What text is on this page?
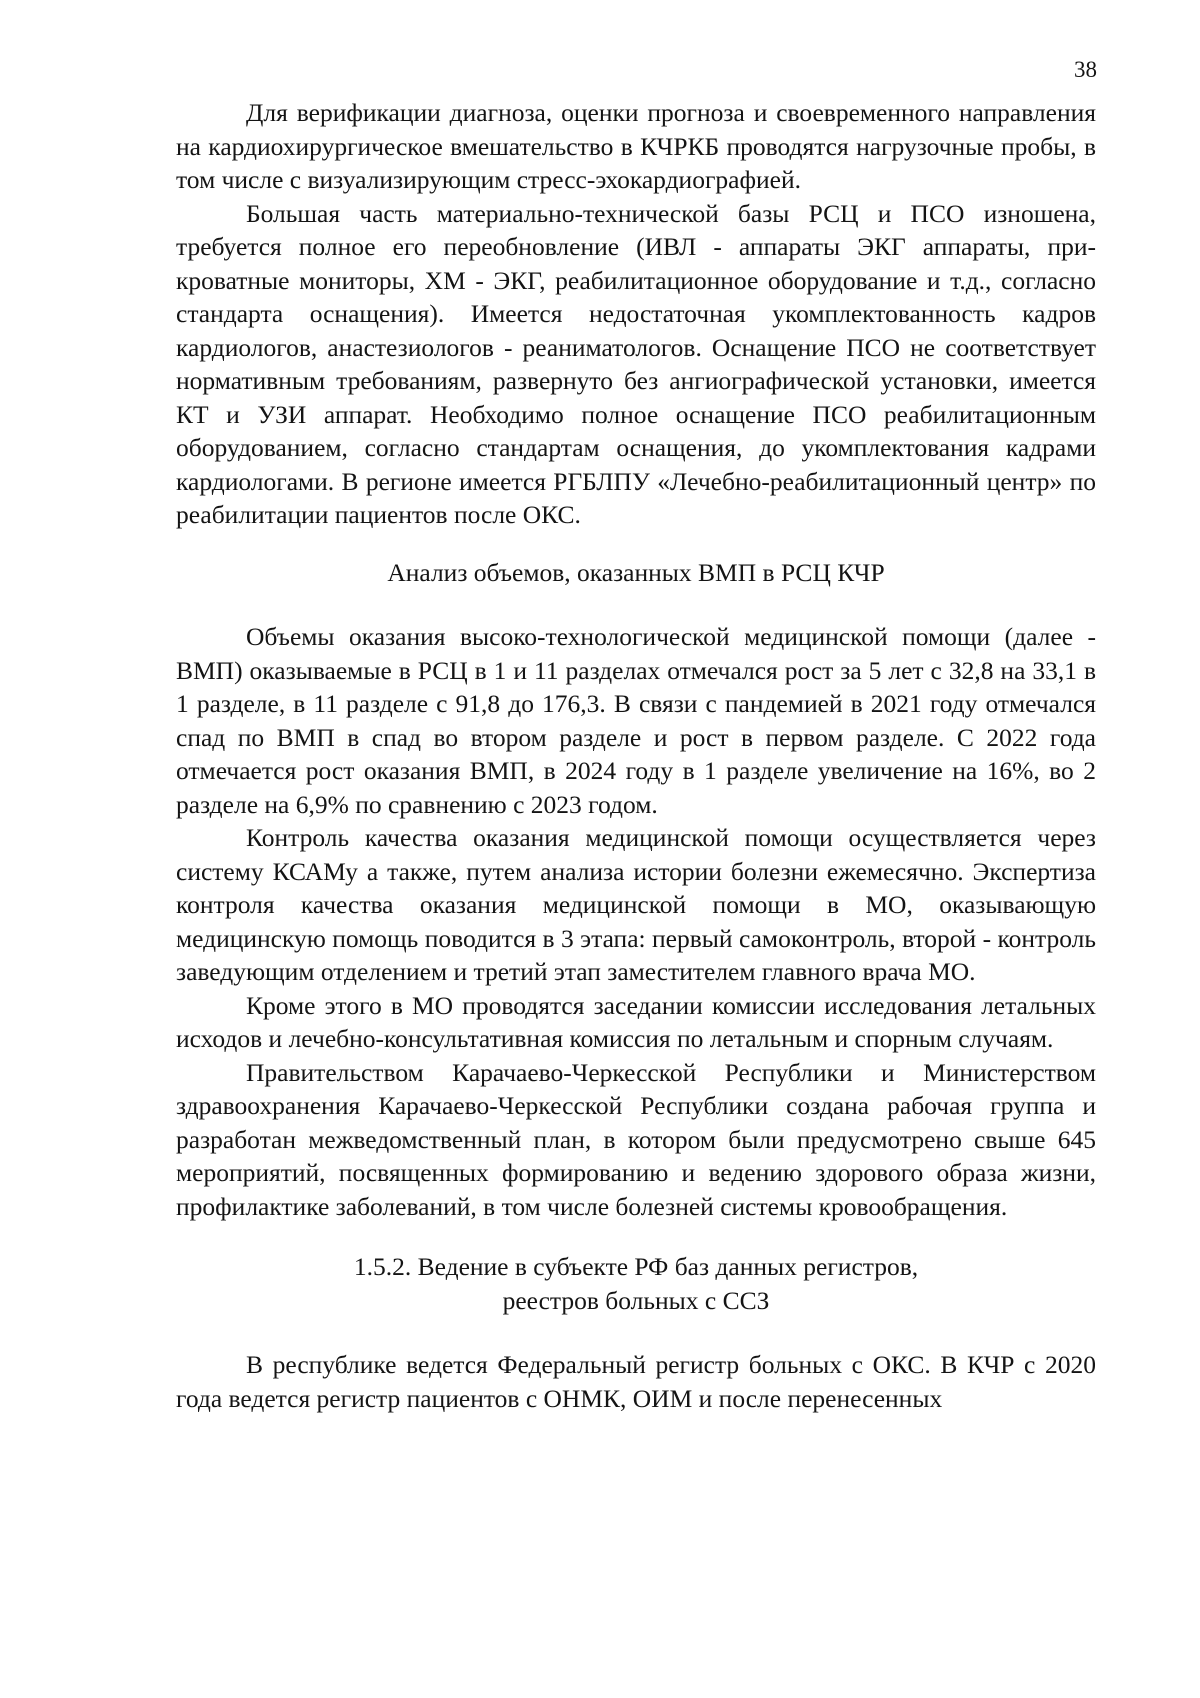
38

Для верификации диагноза, оценки прогноза и своевременного направления на кардиохирургическое вмешательство в КЧРКБ проводятся нагрузочные пробы, в том числе с визуализирующим стресс-эхокардиографией.

Большая часть материально-технической базы РСЦ и ПСО изношена, требуется полное его переобновление (ИВЛ - аппараты ЭКГ аппараты, прикроватные мониторы, ХМ - ЭКГ, реабилитационное оборудование и т.д., согласно стандарта оснащения). Имеется недостаточная укомплектованность кадров кардиологов, анастезиологов - реаниматологов. Оснащение ПСО не соответствует нормативным требованиям, развернуто без ангиографической установки, имеется КТ и УЗИ аппарат. Необходимо полное оснащение ПСО реабилитационным оборудованием, согласно стандартам оснащения, до укомплектования кадрами кардиологами. В регионе имеется РГБЛПУ «Лечебно-реабилитационный центр» по реабилитации пациентов после ОКС.

Анализ объемов, оказанных ВМП в РСЦ КЧР

Объемы оказания высоко-технологической медицинской помощи (далее - ВМП) оказываемые в РСЦ в 1 и 11 разделах отмечался рост за 5 лет с 32,8 на 33,1 в 1 разделе, в 11 разделе с 91,8 до 176,3. В связи с пандемией в 2021 году отмечался спад по ВМП в спад во втором разделе и рост в первом разделе. С 2022 года отмечается рост оказания ВМП, в 2024 году в 1 разделе увеличение на 16%, во 2 разделе на 6,9% по сравнению с 2023 годом.

Контроль качества оказания медицинской помощи осуществляется через систему КСАМу а также, путем анализа истории болезни ежемесячно. Экспертиза контроля качества оказания медицинской помощи в МО, оказывающую медицинскую помощь поводится в 3 этапа: первый самоконтроль, второй - контроль заведующим отделением и третий этап заместителем главного врача МО.

Кроме этого в МО проводятся заседании комиссии исследования летальных исходов и лечебно-консультативная комиссия по летальным и спорным случаям.

Правительством Карачаево-Черкесской Республики и Министерством здравоохранения Карачаево-Черкесской Республики создана рабочая группа и разработан межведомственный план, в котором были предусмотрено свыше 645 мероприятий, посвященных формированию и ведению здорового образа жизни, профилактике заболеваний, в том числе болезней системы кровообращения.

1.5.2. Ведение в субъекте РФ баз данных регистров,
реестров больных с ССЗ

В республике ведется Федеральный регистр больных с ОКС. В КЧР с 2020 года ведется регистр пациентов с ОНМК, ОИМ и после перенесенных
